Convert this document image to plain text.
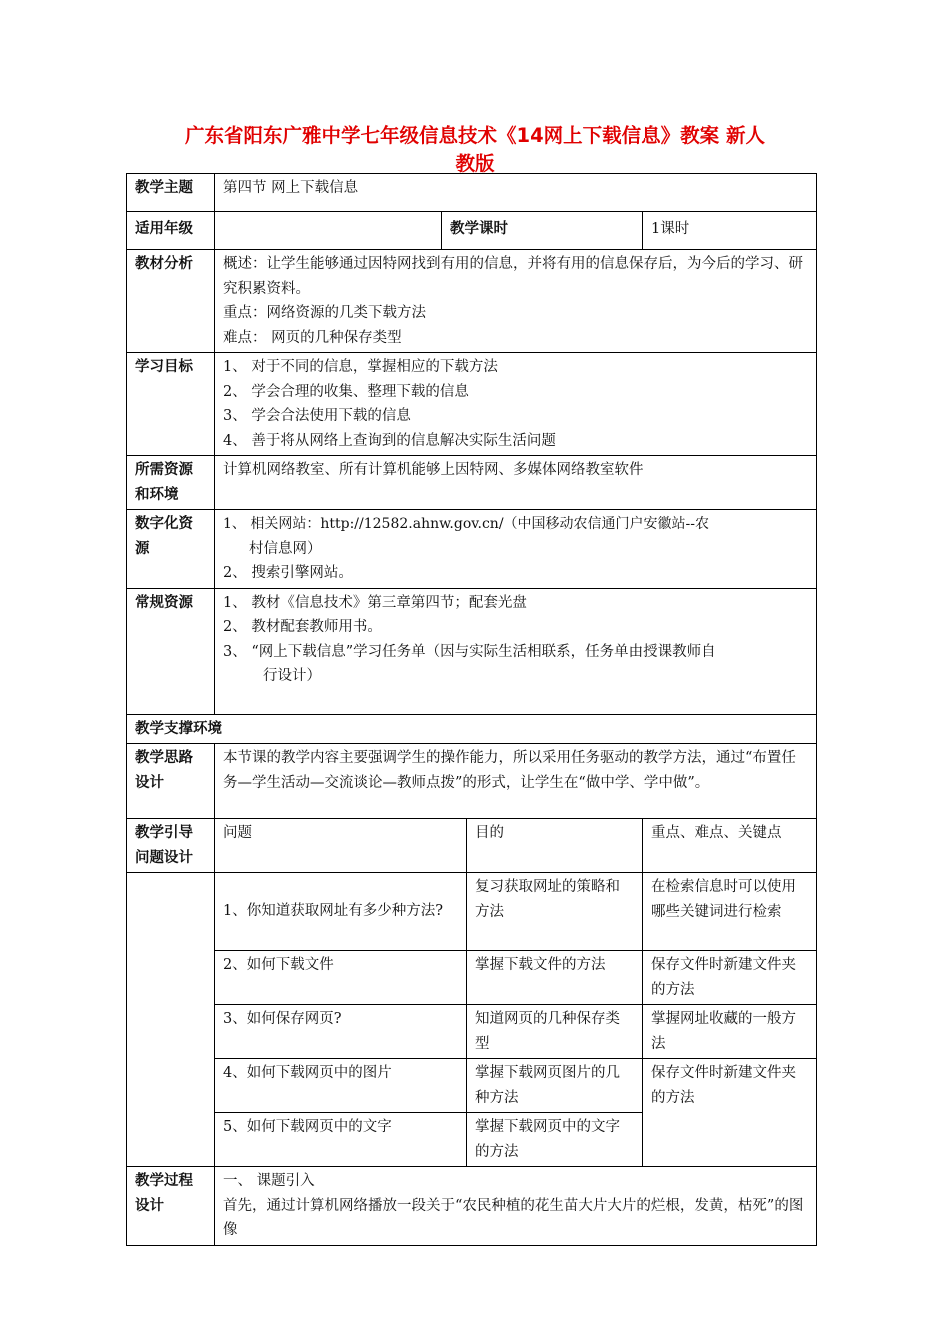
广东省阳东广雅中学七年级信息技术《14网上下载信息》教案 新人
教版
教学主题	第四节 网上下载信息			
适用年级		教学课时		1课时
教材分析	概述：让学生能够通过因特网找到有用的信息，并将有用的信息保存后，为今后的学习、研究积累资料。
重点：网络资源的几类下载方法
难点： 网页的几种保存类型			

学习目标	1、 对于不同的信息，掌握相应的下载方法
2、 学会合理的收集、整理下载的信息
3、 学会合法使用下载的信息
4、 善于将从网络上查询到的信息解决实际生活问题			

所需资源
和环境	计算机网络教室、所有计算机能够上因特网、多媒体网络教室软件			

数字化资
源	1、 相关网站：http://12582.ahnw.gov.cn/（中国移动农信通门户安徽站--农
村信息网）
2、 搜索引擎网站。			

常规资源	1、 教材《信息技术》第三章第四节；配套光盘
2、 教材配套教师用书。
3、 “网上下载信息”学习任务单（因与实际生活相联系，任务单由授课教师自
行设计）			

教学支撑环境				

教学思路
设计	本节课的教学内容主要强调学生的操作能力，所以采用任务驱动的教学方法，通过“布置任务—学生活动—交流谈论—教师点拨”的形式，让学生在“做中学、学中做”。			

教学引导
问题设计	问题		目的	重点、难点、关键点
	1、你知道获取网址有多少种方法?		复习获取网址的策略和方法	在检索信息时可以使用哪些关键词进行检索
	2、如何下载文件		掌握下载文件的方法	保存文件时新建文件夹的方法
	3、如何保存网页?		知道网页的几种保存类型	掌握网址收藏的一般方法
	4、如何下载网页中的图片		掌握下载网页图片的几种方法	保存文件时新建文件夹的方法
	5、如何下载网页中的文字		掌握下载网页中的文字的方法	

教学过程
设计	一、 课题引入
首先，通过计算机网络播放一段关于“农民种植的花生苗大片大片的烂根，发黄，枯死”的图像			
